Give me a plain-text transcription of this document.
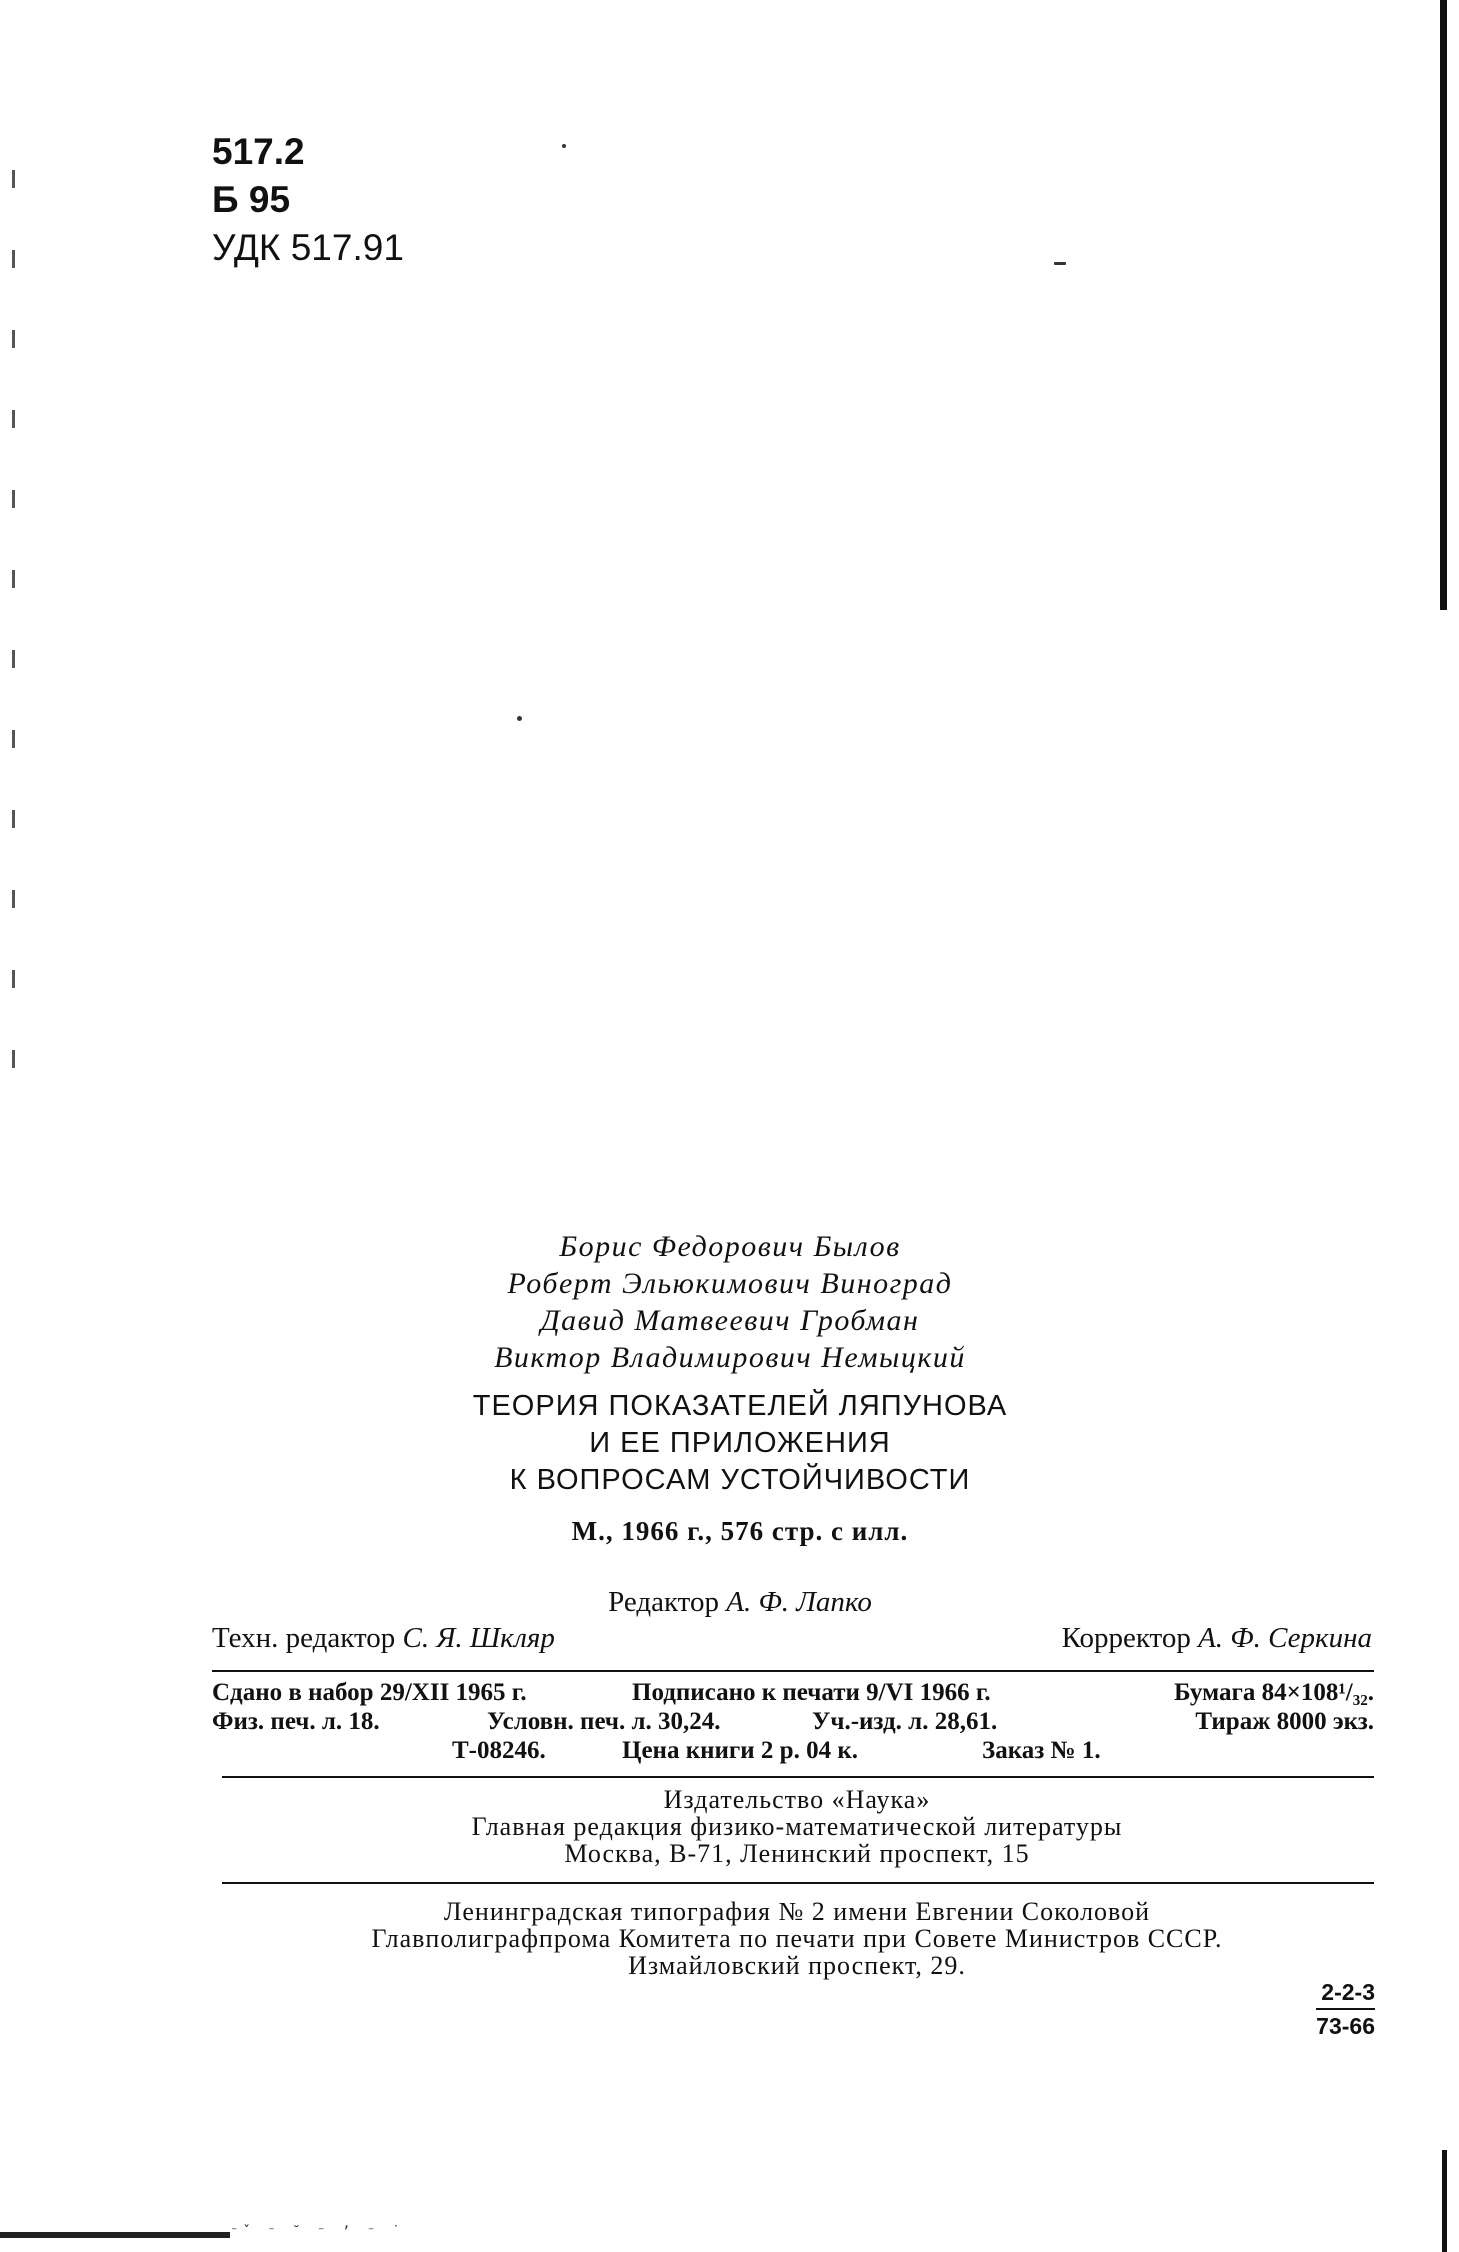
⁻ˇ ⁻ ˘ ⁻ ʼ ⁻ ˙
517.2
Б 95
УДК 517.91
Борис Федорович Былов
Роберт Эльюкимович Виноград
Давид Матвеевич Гробман
Виктор Владимирович Немыцкий
ТЕОРИЯ ПОКАЗАТЕЛЕЙ ЛЯПУНОВА
И ЕЕ ПРИЛОЖЕНИЯ
К ВОПРОСАМ УСТОЙЧИВОСТИ
М., 1966 г., 576 стр. с илл.
Редактор А. Ф. Лапко
Техн. редактор С. Я. Шкляр	Корректор А. Ф. Серкина
Сдано в набор 29/XII 1965 г.	Подписано к печати 9/VI 1966 г.	Бумага 84×108¹/₃₂.
Физ. печ. л. 18.	Условн. печ. л. 30,24.	Уч.-изд. л. 28,61.	Тираж 8000 экз.
Т-08246.	Цена книги 2 р. 04 к.	Заказ № 1.
Издательство «Наука»
Главная редакция физико-математической литературы
Москва, В-71, Ленинский проспект, 15
Ленинградская типография № 2 имени Евгении Соколовой
Главполиграфпрома Комитета по печати при Совете Министров СССР.
Измайловский проспект, 29.
2-2-3
73-66
